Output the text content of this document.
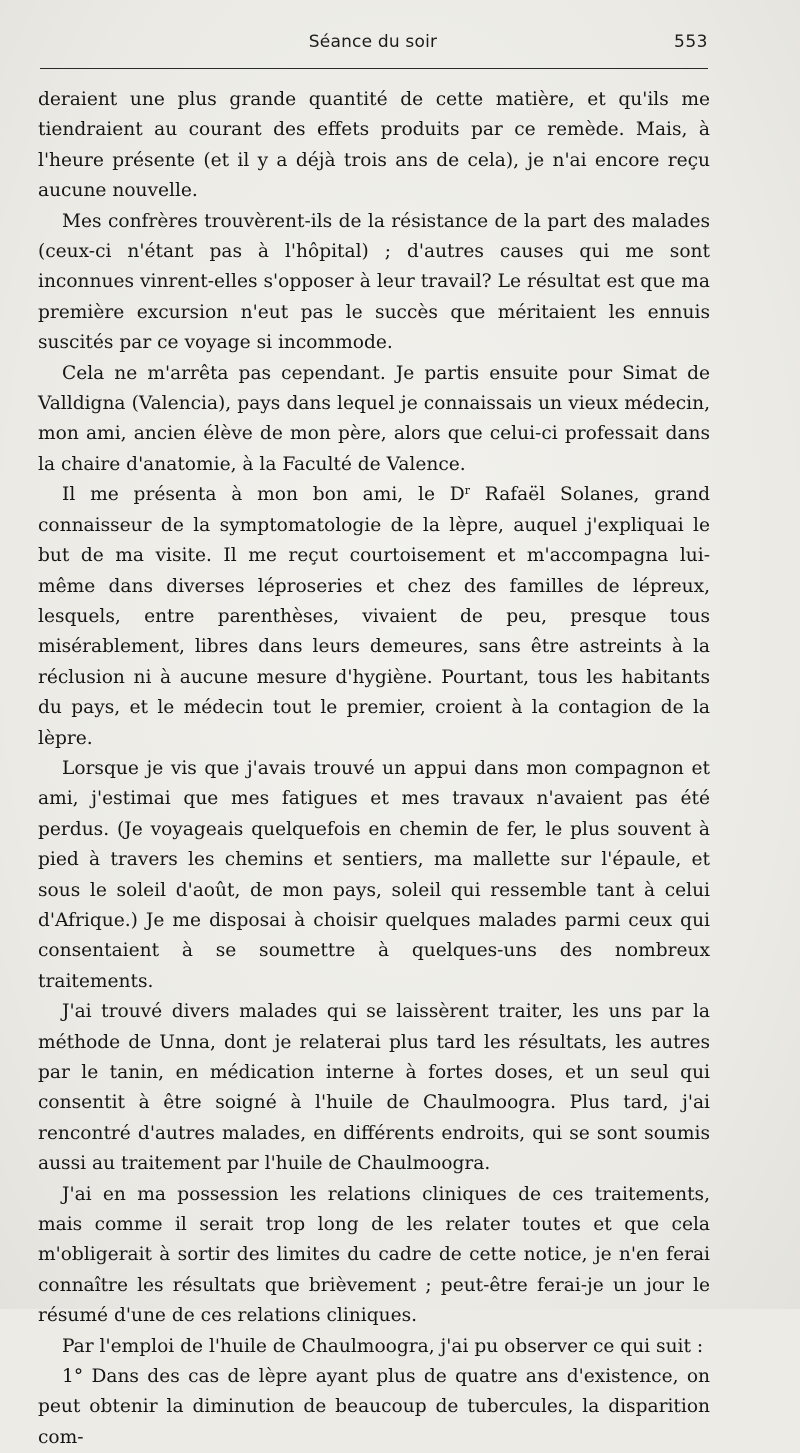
Séance du soir	553

deraient une plus grande quantité de cette matière, et qu'ils me tiendraient au courant des effets produits par ce remède. Mais, à l'heure présente (et il y a déjà trois ans de cela), je n'ai encore reçu aucune nouvelle.

Mes confrères trouvèrent-ils de la résistance de la part des malades (ceux-ci n'étant pas à l'hôpital) ; d'autres causes qui me sont inconnues vinrent-elles s'opposer à leur travail? Le résultat est que ma première excursion n'eut pas le succès que méritaient les ennuis suscités par ce voyage si incommode.

Cela ne m'arrêta pas cependant. Je partis ensuite pour Simat de Valldigna (Valencia), pays dans lequel je connaissais un vieux médecin, mon ami, ancien élève de mon père, alors que celui-ci professait dans la chaire d'anatomie, à la Faculté de Valence.

Il me présenta à mon bon ami, le $D^r$ Rafaël Solanes, grand connaisseur de la symptomatologie de la lèpre, auquel j'expliquai le but de ma visite. Il me reçut courtoisement et m'accompagna lui-même dans diverses léproseries et chez des familles de lépreux, lesquels, entre parenthèses, vivaient de peu, presque tous misérablement, libres dans leurs demeures, sans être astreints à la réclusion ni à aucune mesure d'hygiène. Pourtant, tous les habitants du pays, et le médecin tout le premier, croient à la contagion de la lèpre.

Lorsque je vis que j'avais trouvé un appui dans mon compagnon et ami, j'estimai que mes fatigues et mes travaux n'avaient pas été perdus. (Je voyageais quelquefois en chemin de fer, le plus souvent à pied à travers les chemins et sentiers, ma mallette sur l'épaule, et sous le soleil d'août, de mon pays, soleil qui ressemble tant à celui d'Afrique.) Je me disposai à choisir quelques malades parmi ceux qui consentaient à se soumettre à quelques-uns des nombreux traitements.

J'ai trouvé divers malades qui se laissèrent traiter, les uns par la méthode de Unna, dont je relaterai plus tard les résultats, les autres par le tanin, en médication interne à fortes doses, et un seul qui consentit à être soigné à l'huile de Chaulmoogra. Plus tard, j'ai rencontré d'autres malades, en différents endroits, qui se sont soumis aussi au traitement par l'huile de Chaulmoogra.

J'ai en ma possession les relations cliniques de ces traitements, mais comme il serait trop long de les relater toutes et que cela m'obligerait à sortir des limites du cadre de cette notice, je n'en ferai connaître les résultats que brièvement ; peut-être ferai-je un jour le résumé d'une de ces relations cliniques.

Par l'emploi de l'huile de Chaulmoogra, j'ai pu observer ce qui suit :

1° Dans des cas de lèpre ayant plus de quatre ans d'existence, on peut obtenir la diminution de beaucoup de tubercules, la disparition com-
